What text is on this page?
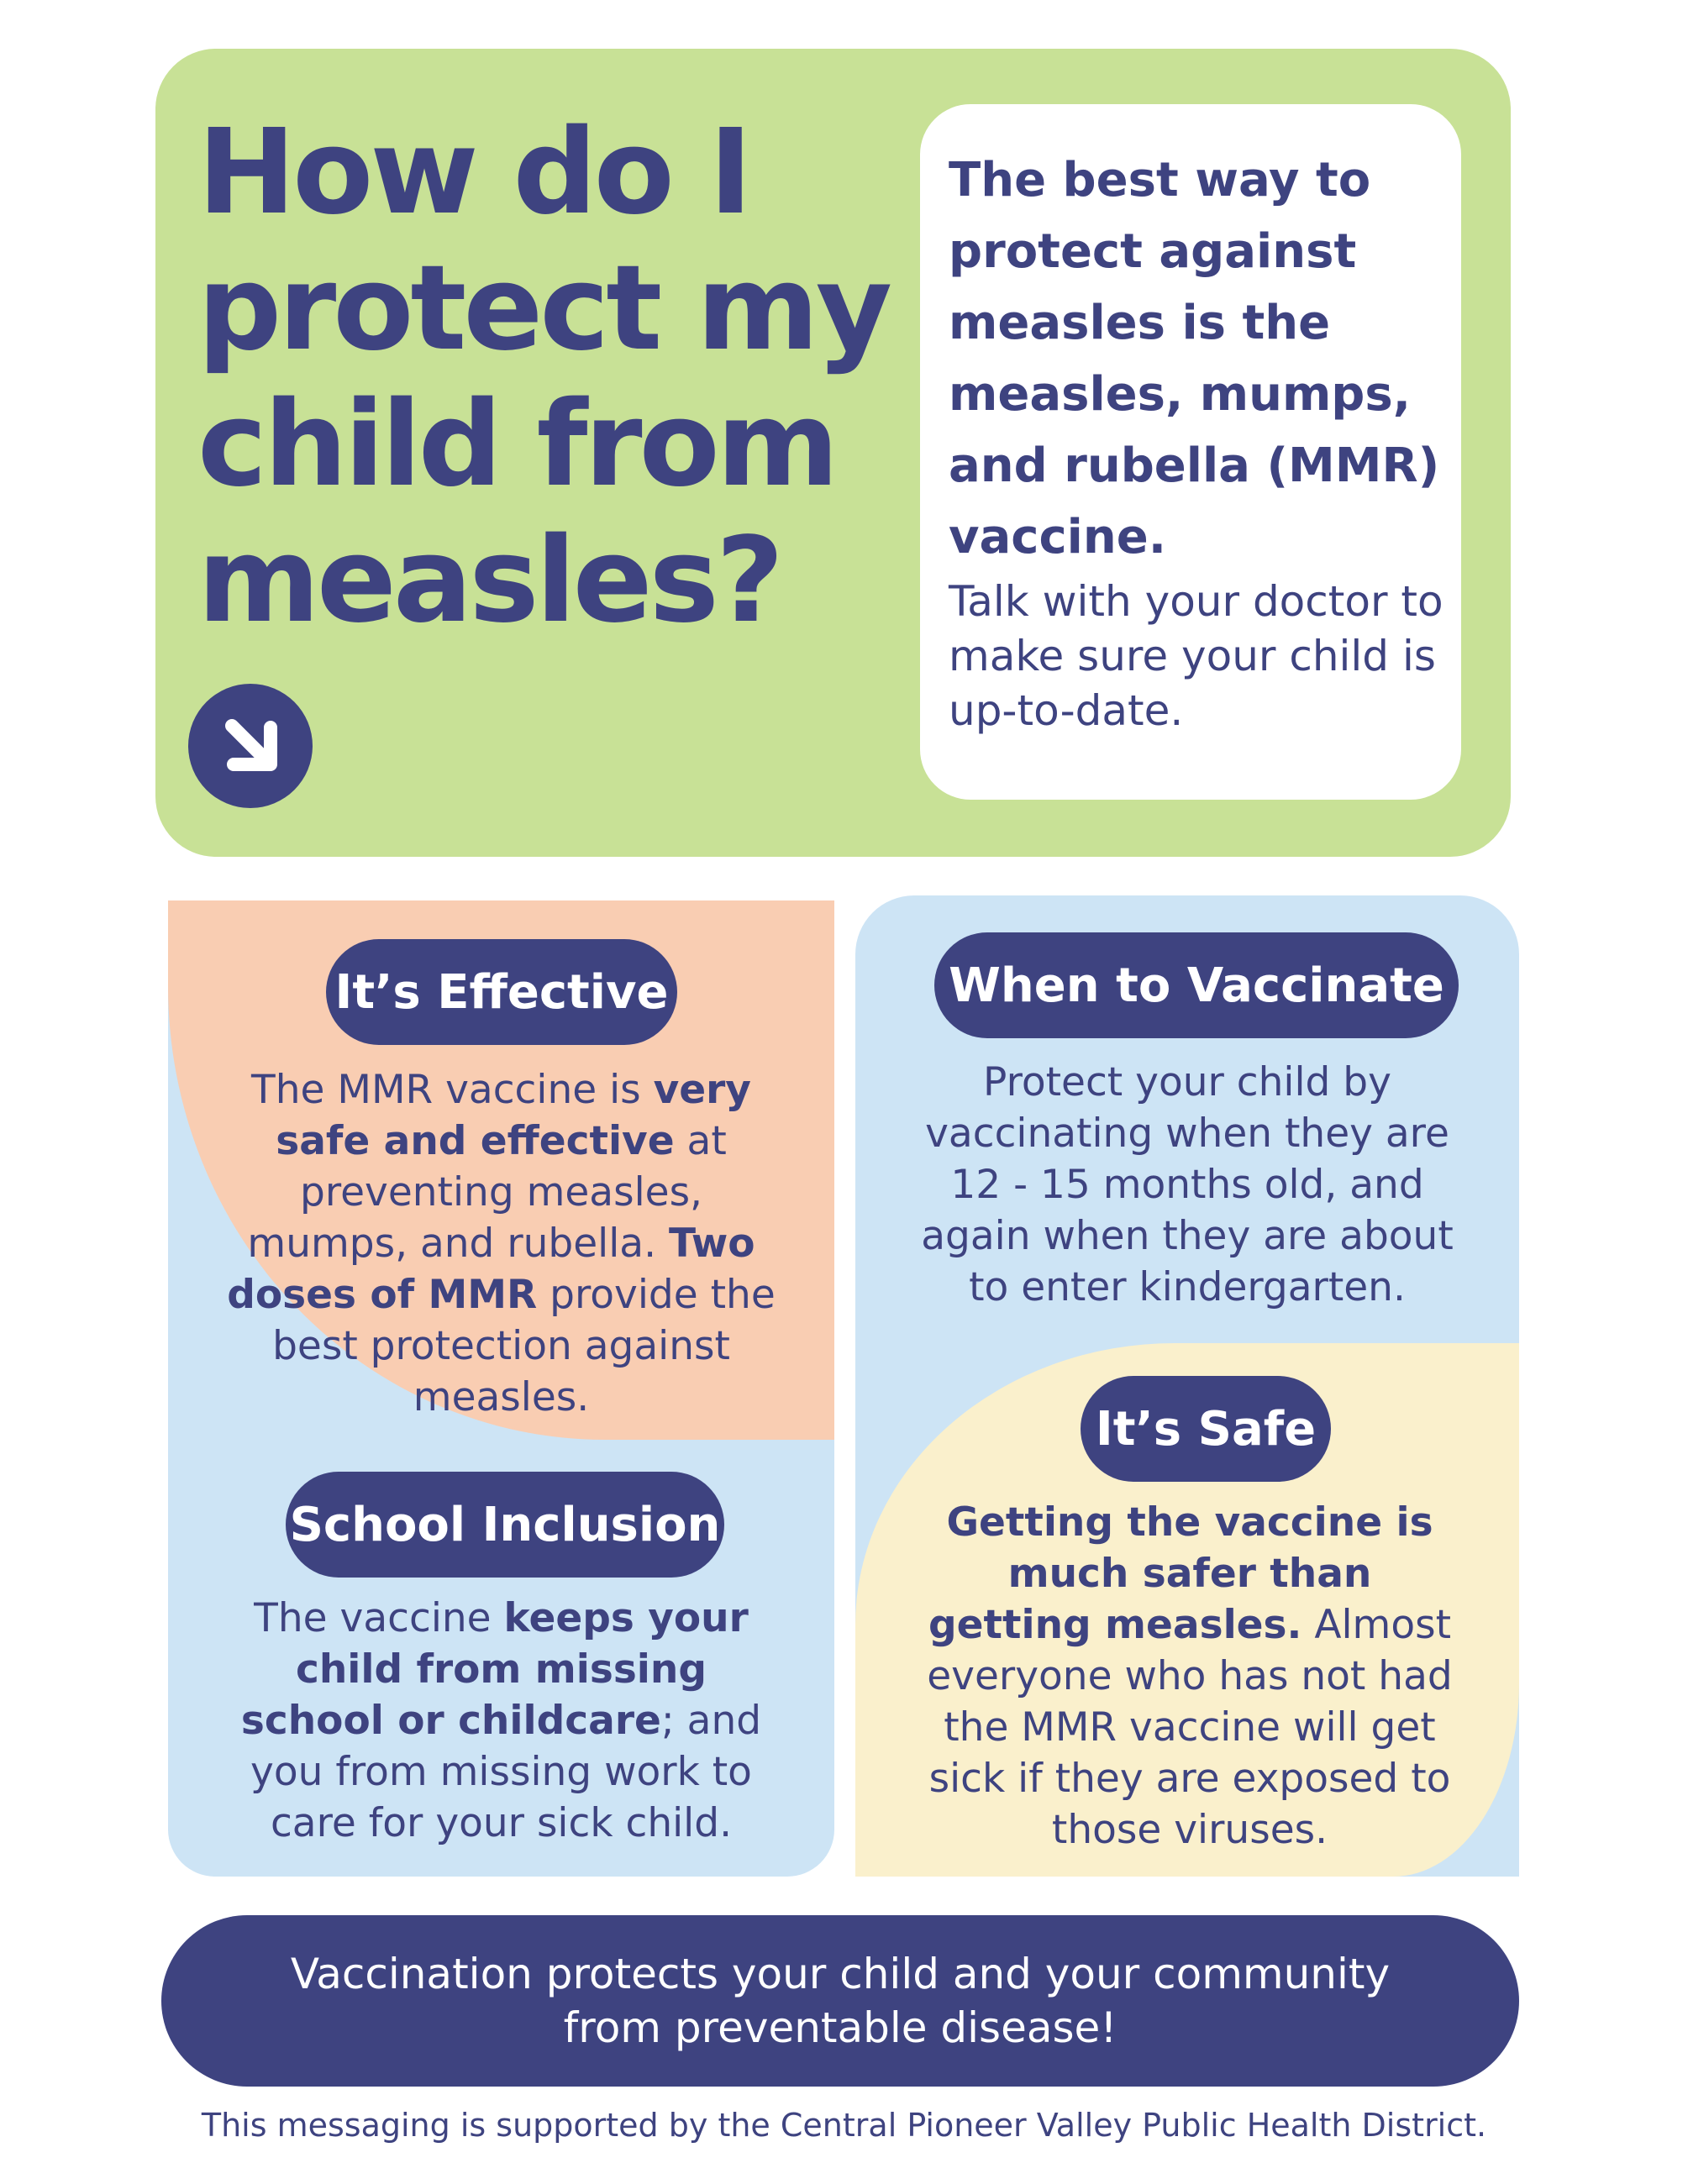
How do I protect my child from measles?

The best way to protect against measles is the measles, mumps, and rubella (MMR) vaccine.

Talk with your doctor to make sure your child is up-to-date.

It’s Effective

The MMR vaccine is very safe and effective at preventing measles, mumps, and rubella. Two doses of MMR provide the best protection against measles.

School Inclusion

The vaccine keeps your child from missing school or childcare; and you from missing work to care for your sick child.

When to Vaccinate

Protect your child by vaccinating when they are 12 - 15 months old, and again when they are about to enter kindergarten.

It’s Safe

Getting the vaccine is much safer than getting measles. Almost everyone who has not had the MMR vaccine will get sick if they are exposed to those viruses.

Vaccination protects your child and your community from preventable disease!

This messaging is supported by the Central Pioneer Valley Public Health District.
